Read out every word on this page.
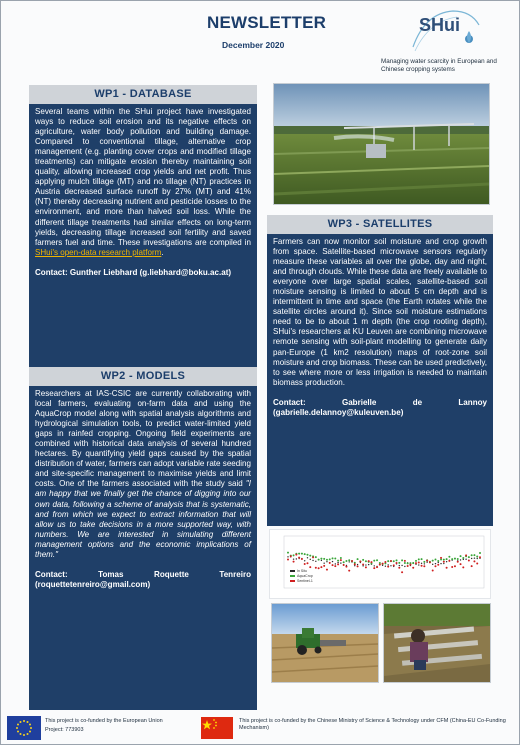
NEWSLETTER
December 2020
SHui
Managing water scarcity in European and Chinese cropping systems
WP1 - DATABASE

Several teams within the SHui project have investigated ways to reduce soil erosion and its negative effects on agriculture, water body pollution and building damage. Compared to conventional tillage, alternative crop management (e.g. planting cover crops and modified tillage treatments) can mitigate erosion thereby maintaining soil quality, allowing increased crop yields and net profit. Thus applying mulch tillage (MT) and no tillage (NT) practices in Austria decreased surface runoff by 27% (MT) and 41% (NT) thereby decreasing nutrient and pesticide losses to the environment, and more than halved soil loss. While the different tillage treatments had similar effects on long-term yields, decreasing tillage increased soil fertility and saved farmers fuel and time. These investigations are compiled in SHui's open-data research platform.

Contact: Gunther Liebhard (g.liebhard@boku.ac.at)

WP2 - MODELS

Researchers at IAS-CSIC are currently collaborating with local farmers, evaluating on-farm data and using the AquaCrop model along with spatial analysis algorithms and hydrological simulation tools, to predict water-limited yield gaps in rainfed cropping. Ongoing field experiments are combined with historical data analysis of several hundred hectares. By quantifying yield gaps caused by the spatial distribution of water, farmers can adopt variable rate seeding and site-specific management to maximise yields and limit costs. One of the farmers associated with the study said "I am happy that we finally get the chance of digging into our own data, following a scheme of analysis that is systematic, and from which we expect to extract information that will allow us to take decisions in a more supported way, with numbers. We are interested in simulating different management options and the economic implications of them."

Contact: Tomas Roquette Tenreiro (roquettetenreiro@gmail.com)

WP3 - SATELLITES

Farmers can now monitor soil moisture and crop growth from space. Satellite-based microwave sensors regularly measure these variables all over the globe, day and night, and through clouds. While these data are freely available to everyone over large spatial scales, satellite-based soil moisture sensing is limited to about 5 cm depth and is intermittent in time and space (the Earth rotates while the satellite circles around it). Since soil moisture estimations need to be to about 1 m depth (the crop rooting depth), SHui's researchers at KU Leuven are combining microwave remote sensing with soil-plant modelling to generate daily pan-Europe (1 km2 resolution) maps of root-zone soil moisture and crop biomass. These can be used predictively, to see where more or less irrigation is needed to maintain biomass production.

Contact: Gabrielle de Lannoy (gabrielle.delannoy@kuleuven.be)

In Situ
AquaCrop
Sentinel-1
This project is co-funded by the European Union
Project: 773903
This project is co-funded by the Chinese Ministry of Science & Technology under CFM (China-EU Co-Funding Mechanism)
